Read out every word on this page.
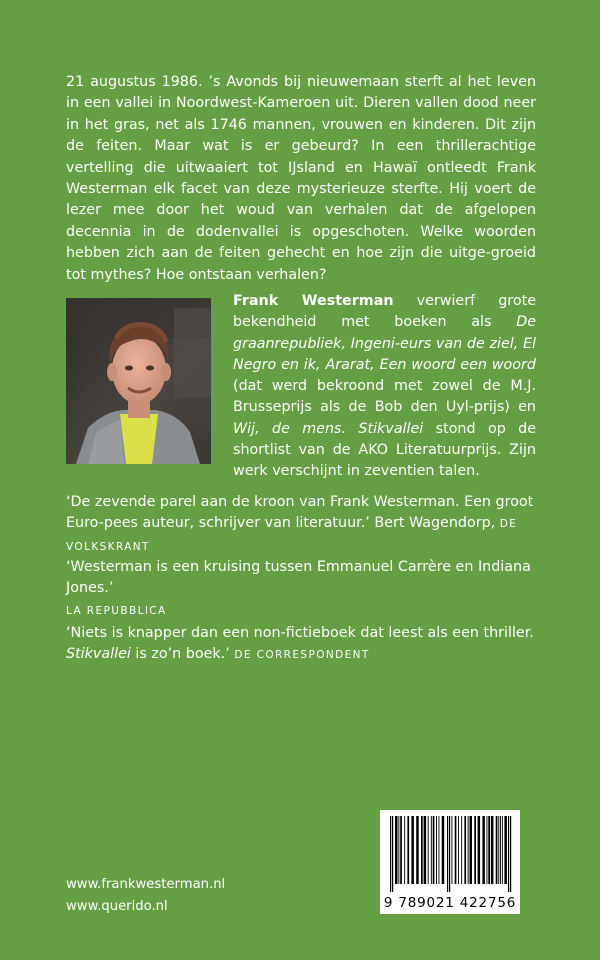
21 augustus 1986. ’s Avonds bij nieuwemaan sterft al het leven in een vallei in Noordwest-Kameroen uit. Dieren vallen dood neer in het gras, net als 1746 mannen, vrouwen en kinderen. Dit zijn de feiten. Maar wat is er gebeurd? In een thrillerachtige vertelling die uitwaaiert tot IJsland en Hawaï ontleedt Frank Westerman elk facet van deze mysterieuze sterfte. Hij voert de lezer mee door het woud van verhalen dat de afgelopen decennia in de dodenvallei is opgeschoten. Welke woorden hebben zich aan de feiten gehecht en hoe zijn die uitge-groeid tot mythes? Hoe ontstaan verhalen?

Frank Westerman verwierf grote bekendheid met boeken als De graanrepubliek, Ingeni-eurs van de ziel, El Negro en ik, Ararat, Een woord een woord (dat werd bekroond met zowel de M.J. Brusseprijs als de Bob den Uyl-prijs) en Wij, de mens. Stikvallei stond op de shortlist van de AKO Literatuurprijs. Zijn werk verschijnt in zeventien talen.

‘De zevende parel aan de kroon van Frank Westerman. Een groot Euro-pees auteur, schrijver van literatuur.’ Bert Wagendorp, DE VOLKSKRANT

‘Westerman is een kruising tussen Emmanuel Carrère en Indiana Jones.’
LA REPUBBLICA

‘Niets is knapper dan een non-fictieboek dat leest als een thriller. Stikvallei is zo’n boek.’ DE CORRESPONDENT

www.frankwesterman.nl
www.querido.nl	9 789021 422756
